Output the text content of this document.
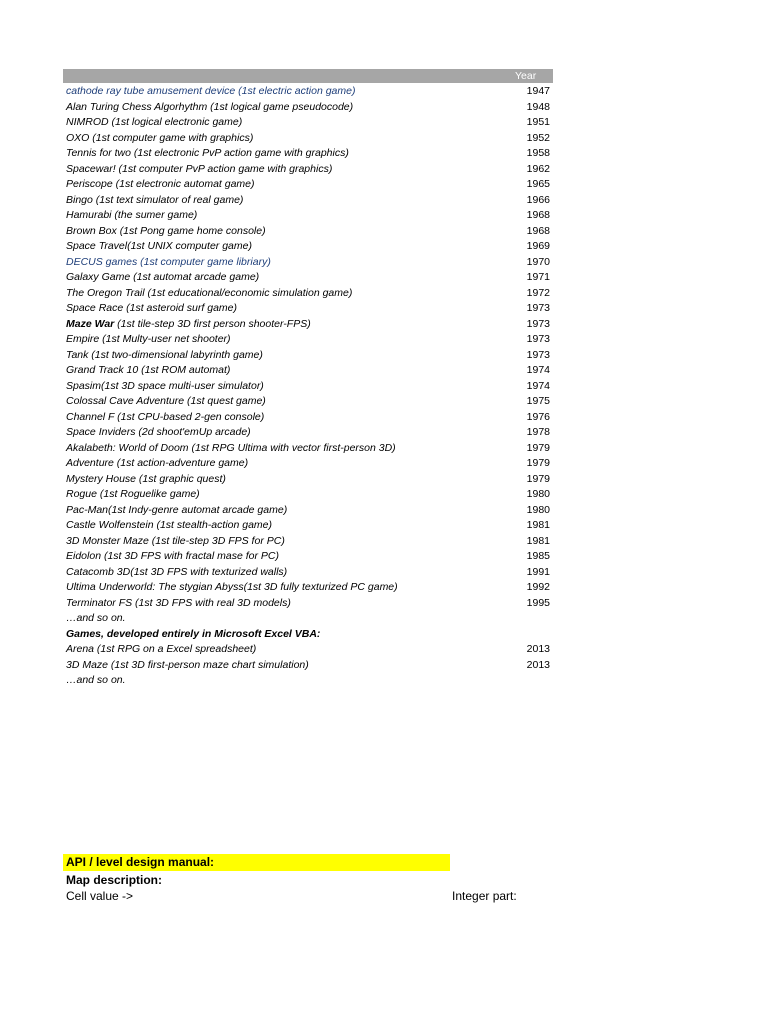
Year
cathode ray tube amusement device (1st electric action game)	1947
Alan Turing Chess Algorhythm (1st logical game pseudocode)	1948
NIMROD (1st logical electronic game)	1951
OXO (1st computer game with graphics)	1952
Tennis for two (1st electronic PvP action game with graphics)	1958
Spacewar! (1st computer PvP action game with graphics)	1962
Periscope (1st electronic automat game)	1965
Bingo (1st text simulator of real game)	1966
Hamurabi (the sumer game)	1968
Brown Box (1st Pong game home console)	1968
Space Travel(1st UNIX computer game)	1969
DECUS games (1st computer game libriary)	1970
Galaxy Game (1st automat arcade game)	1971
The Oregon Trail (1st educational/economic simulation game)	1972
Space Race (1st asteroid surf game)	1973
Maze War (1st tile-step 3D first person shooter-FPS)	1973
Empire (1st Multy-user net shooter)	1973
Tank (1st two-dimensional labyrinth game)	1973
Grand Track 10 (1st ROM automat)	1974
Spasim(1st 3D space multi-user simulator)	1974
Colossal Cave Adventure (1st quest game)	1975
Channel F (1st CPU-based 2-gen console)	1976
Space Inviders (2d shoot'emUp arcade)	1978
Akalabeth: World of Doom (1st RPG Ultima with vector first-person 3D)	1979
Adventure (1st action-adventure game)	1979
Mystery House (1st graphic quest)	1979
Rogue (1st Roguelike game)	1980
Pac-Man(1st Indy-genre automat arcade game)	1980
Castle Wolfenstein (1st stealth-action game)	1981
3D Monster Maze (1st tile-step 3D FPS for PC)	1981
Eidolon (1st 3D FPS with fractal mase for PC)	1985
Catacomb 3D(1st 3D FPS with texturized walls)	1991
Ultima Underworld: The stygian Abyss(1st 3D fully texturized PC game)	1992
Terminator FS (1st 3D FPS with real 3D models)	1995
…and so on.
Games, developed entirely in Microsoft Excel VBA:
Arena (1st RPG on a Excel spreadsheet)	2013
3D Maze (1st 3D first-person maze chart simulation)	2013
…and so on.
API / level design manual:
Map description:
Cell value ->	Integer part:
